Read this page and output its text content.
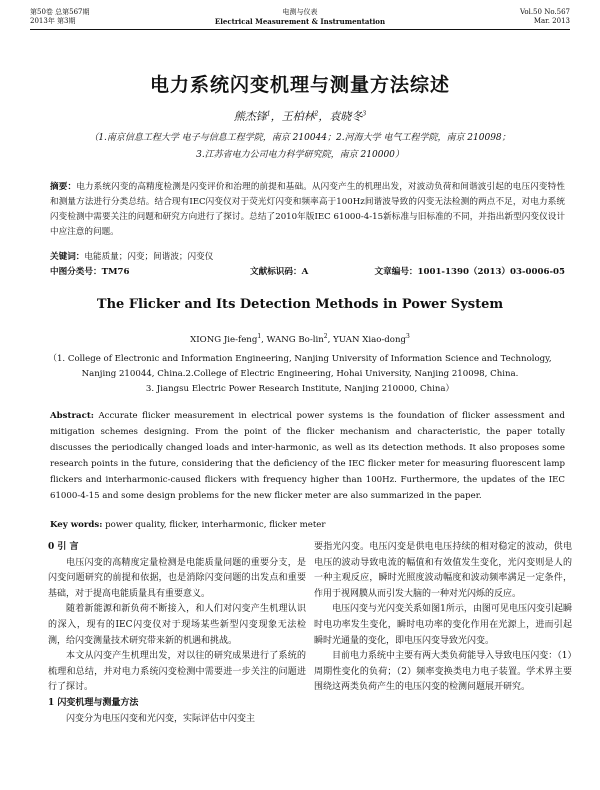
第50卷 总第567期	电测与仪表	Vol.50 No.567
2013年 第3期	Electrical Measurement & Instrumentation	Mar. 2013
电力系统闪变机理与测量方法综述
熊杰锋$^1$，王柏林$^2$，袁晓冬$^3$
（1.南京信息工程大学 电子与信息工程学院，南京 210044；2.河海大学 电气工程学院，南京 210098；
3.江苏省电力公司电力科学研究院，南京 210000）
摘要：电力系统闪变的高精度检测是闪变评价和治理的前提和基础。从闪变产生的机理出发，对波动负荷和间谐波引起的电压闪变特性和测量方法进行分类总结。结合现有IEC闪变仪对于荧光灯闪变和频率高于100Hz间谐波导致的闪变无法检测的两点不足，对电力系统闪变检测中需要关注的问题和研究方向进行了探讨。总结了2010年版IEC 61000-4-15新标准与旧标准的不同，并指出新型闪变仪设计中应注意的问题。
关键词：电能质量；闪变；间谐波；闪变仪
中图分类号：TM76	文献标识码：A	文章编号：1001-1390（2013）03-0006-05
The Flicker and Its Detection Methods in Power System
XIONG Jie-feng$^1$, WANG Bo-lin$^2$, YUAN Xiao-dong$^3$
（1. College of Electronic and Information Engineering, Nanjing University of Information Science and Technology,
Nanjing 210044, China.2.College of Electric Engineering, Hohai University, Nanjing 210098, China.
3. Jiangsu Electric Power Research Institute, Nanjing 210000, China）
Abstract: Accurate flicker measurement in electrical power systems is the foundation of flicker assessment and mitigation schemes designing. From the point of the flicker mechanism and characteristic, the paper totally discusses the periodically changed loads and inter-harmonic, as well as its detection methods. It also proposes some research points in the future, considering that the deficiency of the IEC flicker meter for measuring fluorescent lamp flickers and interharmonic-caused flickers with frequency higher than 100Hz. Furthermore, the updates of the IEC 61000-4-15 and some design problems for the new flicker meter are also summarized in the paper.
Key words: power quality, flicker, interharmonic, flicker meter
0 引 言

电压闪变的高精度定量检测是电能质量问题的重要分支，是闪变问题研究的前提和依据，也是消除闪变问题的出发点和重要基础，对于提高电能质量具有重要意义。

随着新能源和新负荷不断接入，和人们对闪变产生机理认识的深入，现有的IEC闪变仪对于现场某些新型闪变现象无法检测，给闪变测量技术研究带来新的机遇和挑战。

本文从闪变产生机理出发，对以往的研究成果进行了系统的梳理和总结，并对电力系统闪变检测中需要进一步关注的问题进行了探讨。

1 闪变机理与测量方法

闪变分为电压闪变和光闪变，实际评估中闪变主

要指光闪变。电压闪变是供电电压持续的相对稳定的波动，供电电压的波动导致电流的幅值和有效值发生变化，光闪变则是人的一种主观反应，瞬时光照度波动幅度和波动频率满足一定条件，作用于视网膜从而引发大脑的一种对光闪烁的反应。

电压闪变与光闪变关系如图1所示，由图可见电压闪变引起瞬时电功率发生变化，瞬时电功率的变化作用在光源上，进而引起瞬时光通量的变化，即电压闪变导致光闪变。

目前电力系统中主要有两大类负荷能导入导致电压闪变：（1）周期性变化的负荷；（2）频率变换类电力电子装置。学术界主要围绕这两类负荷产生的电压闪变的检测问题展开研究。
